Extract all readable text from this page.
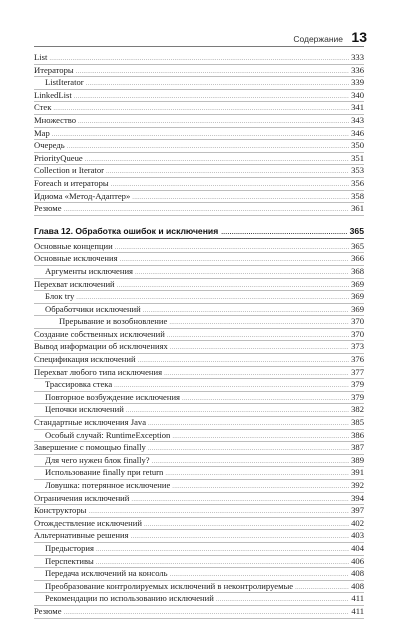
Содержание 13
List .....	333
Итераторы .....	336
ListIterator .....	339
LinkedList .....	340
Стек .....	341
Множество .....	343
Map .....	346
Очередь .....	350
PriorityQueue .....	351
Collection и Iterator .....	353
Foreach и итераторы .....	356
Идиома «Метод-Адаптер» .....	358
Резюме .....	361
Глава 12. Обработка ошибок и исключения .....	365
Основные концепции .....	365
Основные исключения .....	366
Аргументы исключения .....	368
Перехват исключений .....	369
Блок try .....	369
Обработчики исключений .....	369
Прерывание и возобновление .....	370
Создание собственных исключений .....	370
Вывод информации об исключениях .....	373
Спецификация исключений .....	376
Перехват любого типа исключения .....	377
Трассировка стека .....	379
Повторное возбуждение исключения .....	379
Цепочки исключений .....	382
Стандартные исключения Java .....	385
Особый случай: RuntimeException .....	386
Завершение с помощью finally .....	387
Для чего нужен блок finally? .....	389
Использование finally при return .....	391
Ловушка: потерянное исключение .....	392
Ограничения исключений .....	394
Конструкторы .....	397
Отождествление исключений .....	402
Альтернативные решения .....	403
Предыстория .....	404
Перспективы .....	406
Передача исключений на консоль .....	408
Преобразование контролируемых исключений в неконтролируемые .....	408
Рекомендации по использованию исключений .....	411
Резюме .....	411
